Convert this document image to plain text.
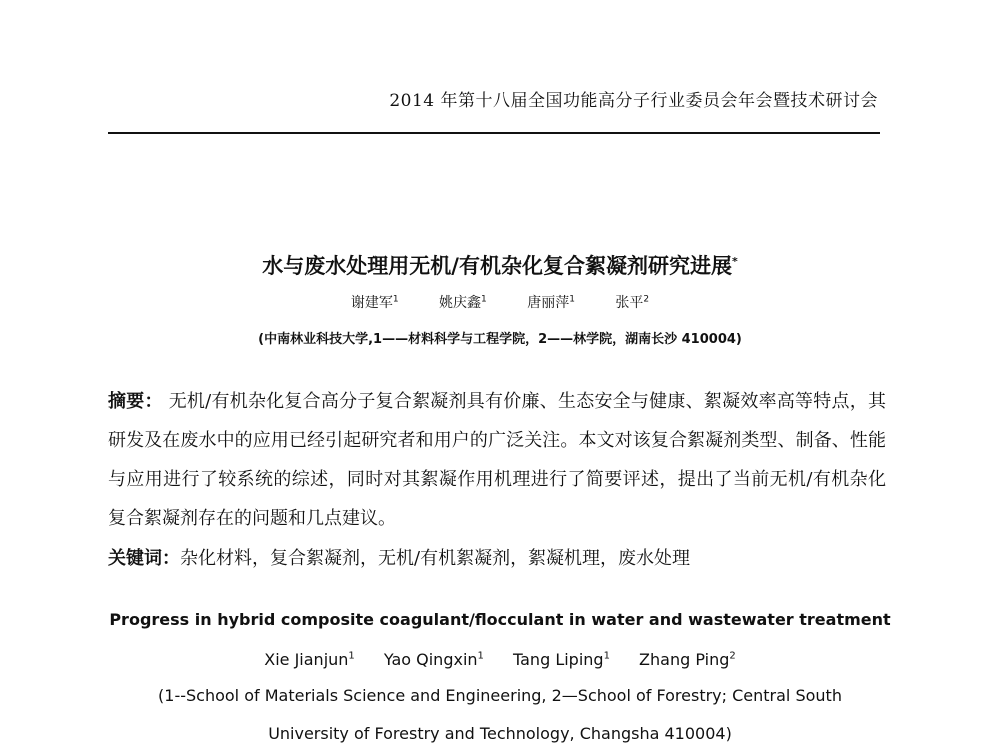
2014 年第十八届全国功能高分子行业委员会年会暨技术研讨会
水与废水处理用无机/有机杂化复合絮凝剂研究进展*
谢建军$^1$	姚庆鑫$^1$	唐丽萍$^1$	张平$^2$
(中南林业科技大学,1——材料科学与工程学院，2——林学院，湖南长沙 410004)
摘要： 无机/有机杂化复合高分子复合絮凝剂具有价廉、生态安全与健康、絮凝效率高等特点，其研发及在废水中的应用已经引起研究者和用户的广泛关注。本文对该复合絮凝剂类型、制备、性能与应用进行了较系统的综述，同时对其絮凝作用机理进行了简要评述，提出了当前无机/有机杂化复合絮凝剂存在的问题和几点建议。
关键词：杂化材料，复合絮凝剂，无机/有机絮凝剂，絮凝机理，废水处理
Progress in hybrid composite coagulant/flocculant in water and wastewater treatment
Xie Jianjun$^1$ Yao Qingxin$^1$ Tang Liping$^1$ Zhang Ping$^2$
(1--School of Materials Science and Engineering, 2—School of Forestry; Central South
University of Forestry and Technology, Changsha 410004)
